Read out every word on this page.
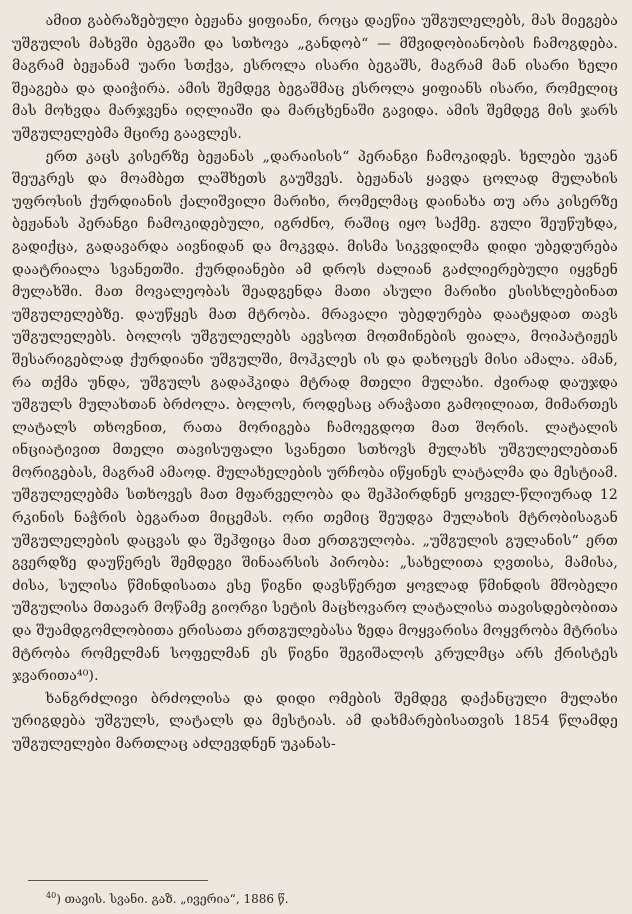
ამით გაბრაზებული ბეჟანა ყიფიანი, როცა დაეწია უშგულელებს, მას მიეგება უშგულის მახვში ბეგაში და სთხოვა „განდობ“ — მშვიდობიანობის ჩამოგდება. მაგრამ ბეჟანამ უარი სთქვა, ესროლა ისარი ბეგაშს, მაგრამ მან ისარი ხელი შეაგება და დაიჭირა. ამის შემდეგ ბეგაშმაც ესროლა ყიფიანს ისარი, რომელიც მას მოხვდა მარჯვენა იღლიაში და მარცხენაში გავიდა. ამის შემდეგ მის ჯარს უშგულელებმა მცირე გაავლეს.

ერთ კაცს კისერზე ბეჟანას „დარაისის“ პერანგი ჩამოკიდეს. ხელები უკან შეუკრეს და მოამბეთ ლაშხეთს გაუშვეს. ბეჟანას ყავდა ცოლად მულახის უფროსის ქურდიანის ქალიშვილი მარიხი, რომელმაც დაინახა თუ არა კისერზე ბეჟანას პერანგი ჩამოკიდებული, იგრძნო, რაშიც იყო საქმე. გული შეუწუხდა, გადიქცა, გადავარდა აივნიდან და მოკვდა. მისმა სიკვდილმა დიდი უბედურება დაატრიალა სვანეთში. ქურდიანები ამ დროს ძალიან გაძლიერებული იყვნენ მულახში. მათ მოვალეობას შეადგენდა მათი ასული მარიხი ესისხლებინათ უშგულელებზე. დაუწყეს მათ მტრობა. მრავალი უბედურება დაატყდათ თავს უშგულელებს. ბოლოს უშგულელებს აევსოთ მოთმინების ფიალა, მოიპატიჟეს შესარიგებლად ქურდიანი უშგულში, მოჰკლეს ის და დახოცეს მისი ამალა. ამან, რა თქმა უნდა, უშგულს გადაჰკიდა მტრად მთელი მულახი. ძვირად დაუჯდა უშგულს მულახთან ბრძოლა. ბოლოს, როდესაც არაჭათი გამოილიათ, მიმართეს ლატალს თხოვნით, რათა მორიგება ჩამოეგდოთ მათ შორის. ლატალის ინციატივით მთელი თავისუფალი სვანეთი სთხოვს მულახს უშგულელებთან მორიგებას, მაგრამ ამაოდ. მულახელების ურჩობა იწყინეს ლატალმა და მესტიამ. უშგულელებმა სთხოვეს მათ მფარველობა და შეჰპირდნენ ყოველ-წლიურად 12 რკინის ნაჭრის ბეგარათ მიცემას. ორი თემიც შეუდგა მულახის მტრობისაგან უშგულელების დაცვას და შეჰფიცა მათ ერთგულობა. „უშგულის გულანის“ ერთ გვერდზე დაუწერეს შემდეგი შინაარსის პირობა: „სახელითა ღვთისა, მამისა, ძისა, სულისა წმინდისათა ესე წიგნი დავსწერეთ ყოვლად წმინდის მშობელი უშგულისა მთავარ მოწამე გიორგი სეტის მაცხოვარო ლატალისა თავისდებობითა და შუამდგომლობითა ერისათა ერთგულებასა ზედა მოყვარისა მოყვრობა მტრისა მტრობა რომელმან სოფელმან ეს წიგნი შეგიშალოს კრულმცა არს ქრისტეს ჯვარითა⁴⁰).

ხანგრძლივი ბრძოლისა და დიდი ომების შემდეგ დაქანცული მულახი ურიგდება უშგულს, ლატალს და მესტიას. ამ დახმარებისათვის 1854 წლამდე უშგულელები მართლაც აძლევდნენ უკანას-

$^{40}$) თავის. სვანი. გაზ. „ივერია“, 1886 წ.
